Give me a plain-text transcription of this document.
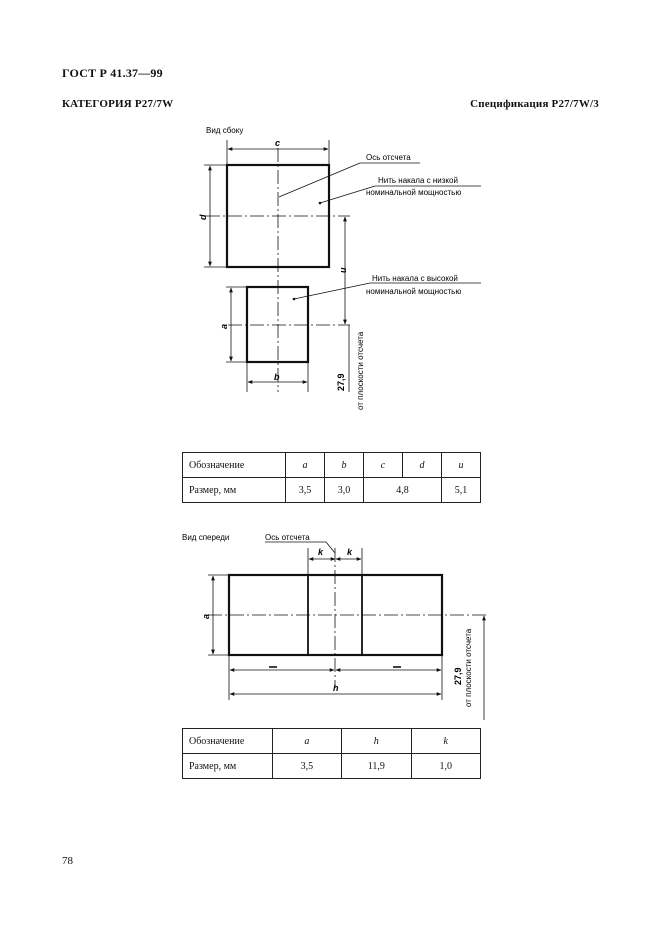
ГОСТ Р 41.37—99
КАТЕГОРИЯ P27/7W	Спецификация P27/7W/3
Вид сбоку
c
d
a
b
u
27,9 от плоскости отсчета
Ось отсчета
Нить накала с низкой
номинальной мощностью
Нить накала с высокой
номинальной мощностью
Вид спереди	Ось отсчета
k	k
a
h
27,9 от плоскости отсчета
Обозначение	a	b	c	d	u
Размер, мм	3,5	3,0	4,8		5,1
Обозначение	a	h	k
Размер, мм	3,5	11,9	1,0
78
